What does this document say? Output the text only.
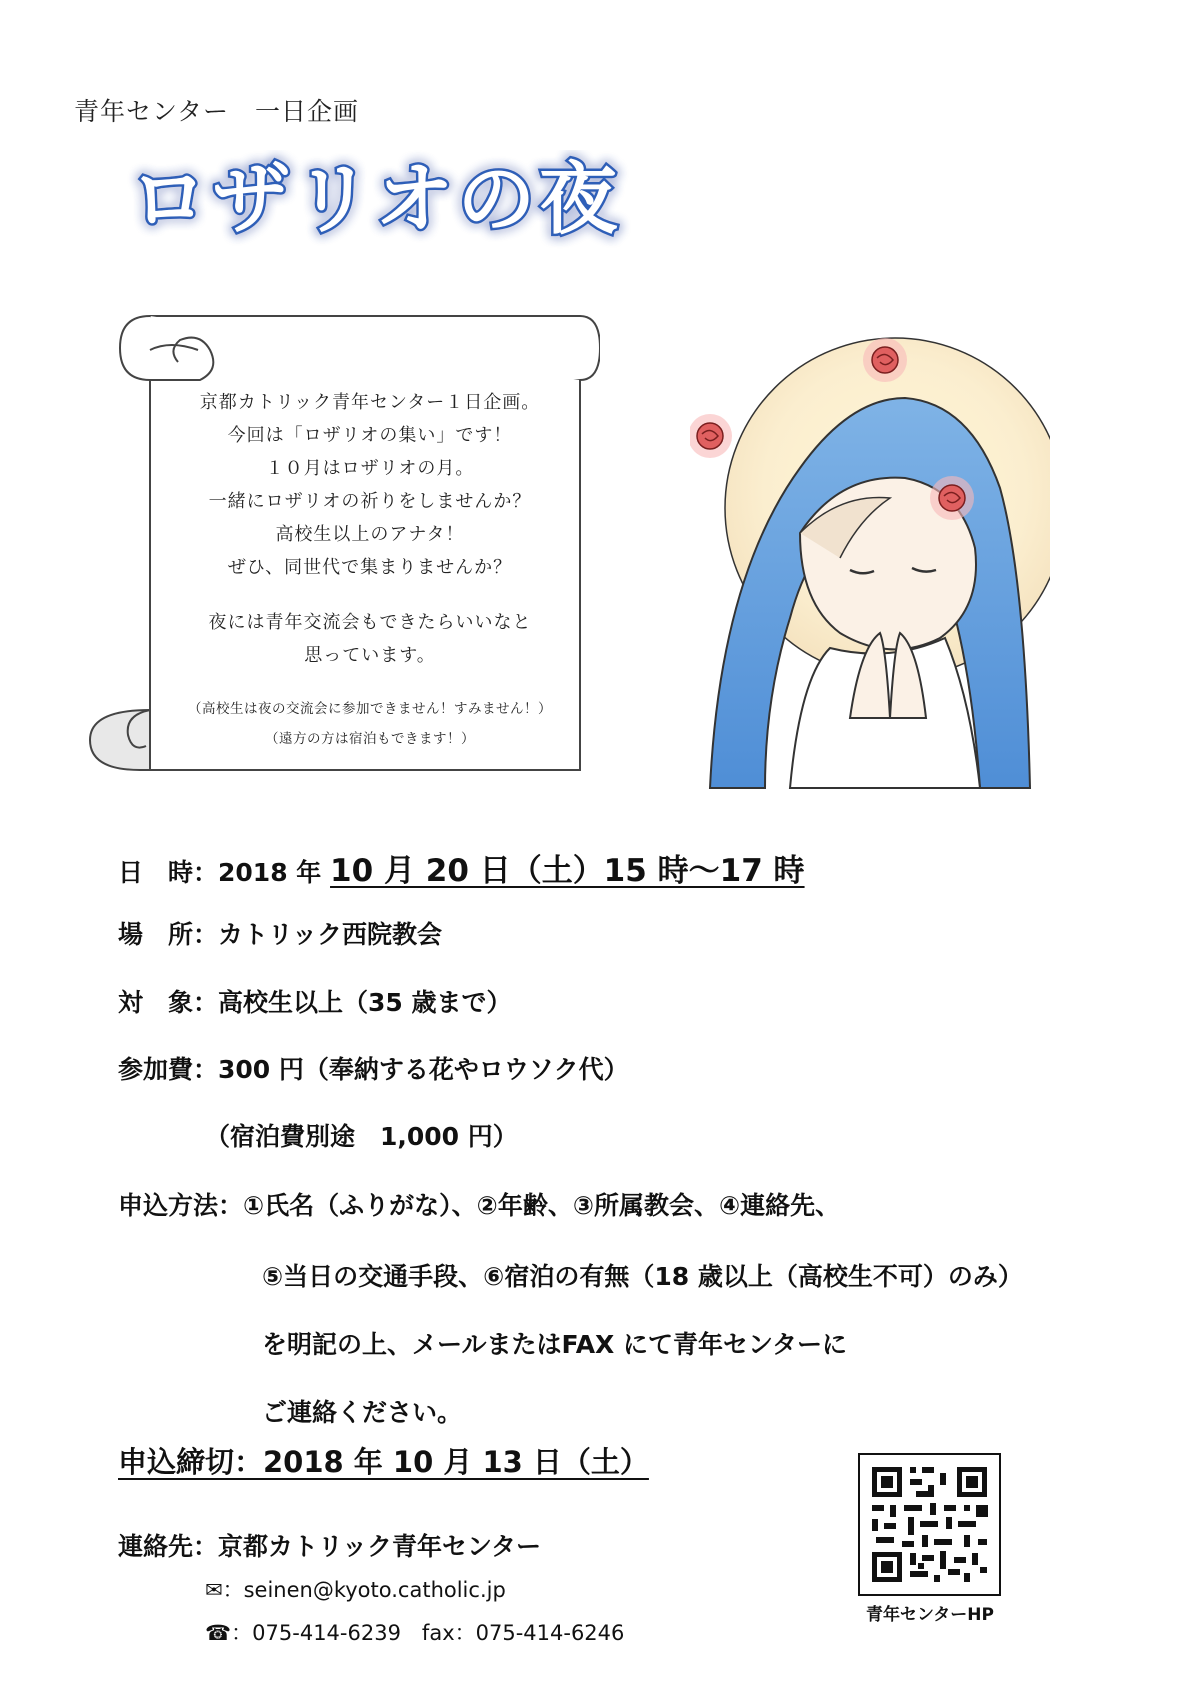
青年センター　一日企画
ロザリオの夜
京都カトリック青年センター１日企画。
今回は「ロザリオの集い」です！
１０月はロザリオの月。
一緒にロザリオの祈りをしませんか？
高校生以上のアナタ！
ぜひ、同世代で集まりませんか？
夜には青年交流会もできたらいいなと
思っています。
（高校生は夜の交流会に参加できません！すみません！）
（遠方の方は宿泊もできます！）
日　時：2018 年 10 月 20 日（土）15 時～17 時
場　所：カトリック西院教会
対　象：高校生以上（35 歳まで）
参加費：300 円（奉納する花やロウソク代）
（宿泊費別途　1,000 円）
申込方法：①氏名（ふりがな）、②年齢、③所属教会、④連絡先、
⑤当日の交通手段、⑥宿泊の有無（18 歳以上（高校生不可）のみ）
を明記の上、メールまたはFAX にて青年センターに
ご連絡ください。
申込締切：2018 年 10 月 13 日（土）
連絡先：京都カトリック青年センター
✉：seinen@kyoto.catholic.jp
☎：075-414-6239　fax：075-414-6246
青年センターHP
